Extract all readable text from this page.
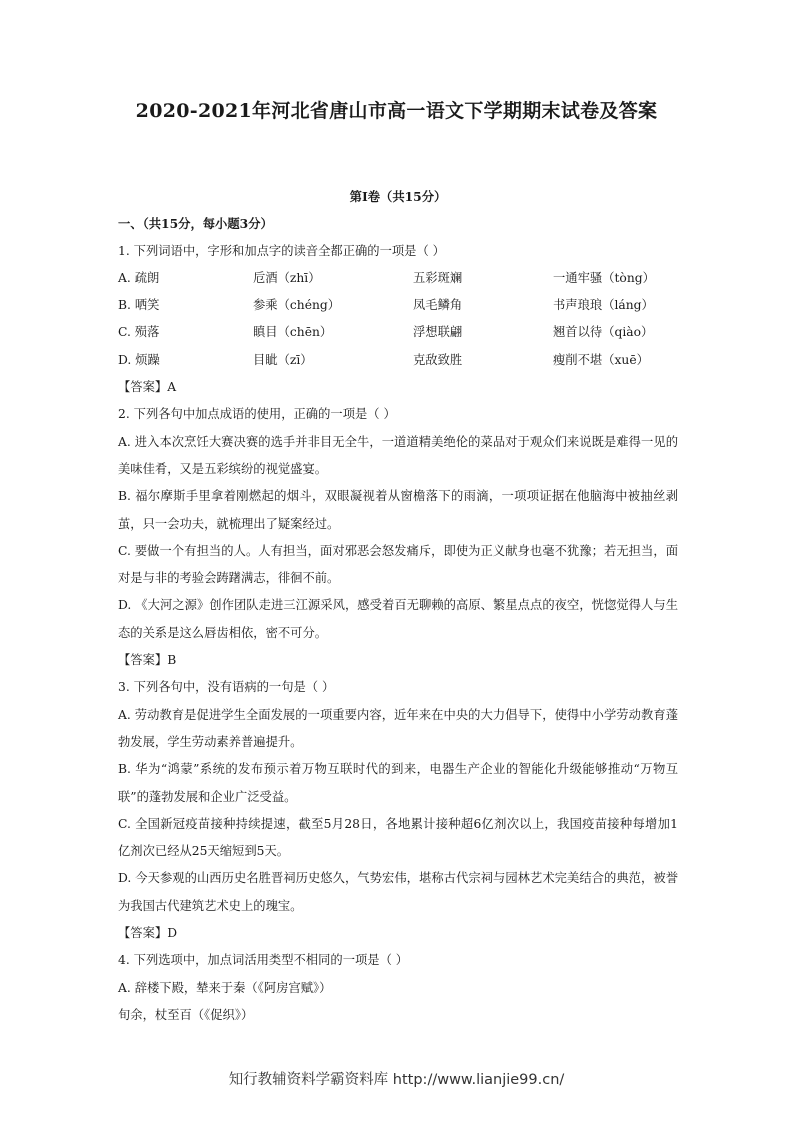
2020-2021年河北省唐山市高一语文下学期期末试卷及答案
第Ⅰ卷（共15分）
一、（共15分，每小题3分）

1. 下列词语中，字形和加点字的读音全都正确的一项是（ ）

A. 疏朗	卮酒（zhī）	五彩斑斓	一通牢骚（tòng）
B. 哂笑	参乘（chéng）	凤毛鳞角	书声琅琅（láng）
C. 殒落	瞋目（chēn）	浮想联翩	翘首以待（qiào）
D. 烦躁	目眦（zī）	克敌致胜	瘦削不堪（xuē）

【答案】A

2. 下列各句中加点成语的使用，正确的一项是（ ）

A. 进入本次烹饪大赛决赛的选手并非目无全牛，一道道精美绝伦的菜品对于观众们来说既是难得一见的美味佳肴，又是五彩缤纷的视觉盛宴。

B. 福尔摩斯手里拿着刚燃起的烟斗，双眼凝视着从窗檐落下的雨滴，一项项证据在他脑海中被抽丝剥茧，只一会功夫，就梳理出了疑案经过。

C. 要做一个有担当的人。人有担当，面对邪恶会怒发痛斥，即使为正义献身也毫不犹豫；若无担当，面对是与非的考验会踌躇满志，徘徊不前。

D. 《大河之源》创作团队走进三江源采风，感受着百无聊赖的高原、繁星点点的夜空，恍惚觉得人与生态的关系是这么唇齿相依，密不可分。

【答案】B

3. 下列各句中，没有语病的一句是（ ）

A. 劳动教育是促进学生全面发展的一项重要内容，近年来在中央的大力倡导下，使得中小学劳动教育蓬勃发展，学生劳动素养普遍提升。

B. 华为“鸿蒙”系统的发布预示着万物互联时代的到来，电器生产企业的智能化升级能够推动“万物互联”的蓬勃发展和企业广泛受益。

C. 全国新冠疫苗接种持续提速，截至5月28日，各地累计接种超6亿剂次以上，我国疫苗接种每增加1亿剂次已经从25天缩短到5天。

D. 今天参观的山西历史名胜晋祠历史悠久，气势宏伟，堪称古代宗祠与园林艺术完美结合的典范，被誉为我国古代建筑艺术史上的瑰宝。

【答案】D

4. 下列选项中，加点词活用类型不相同的一项是（ ）

A. 辞楼下殿，辇来于秦（《阿房宫赋》）

旬余，杖至百（《促织》）

知行教辅资料学霸资料库 http://www.lianjie99.cn/
